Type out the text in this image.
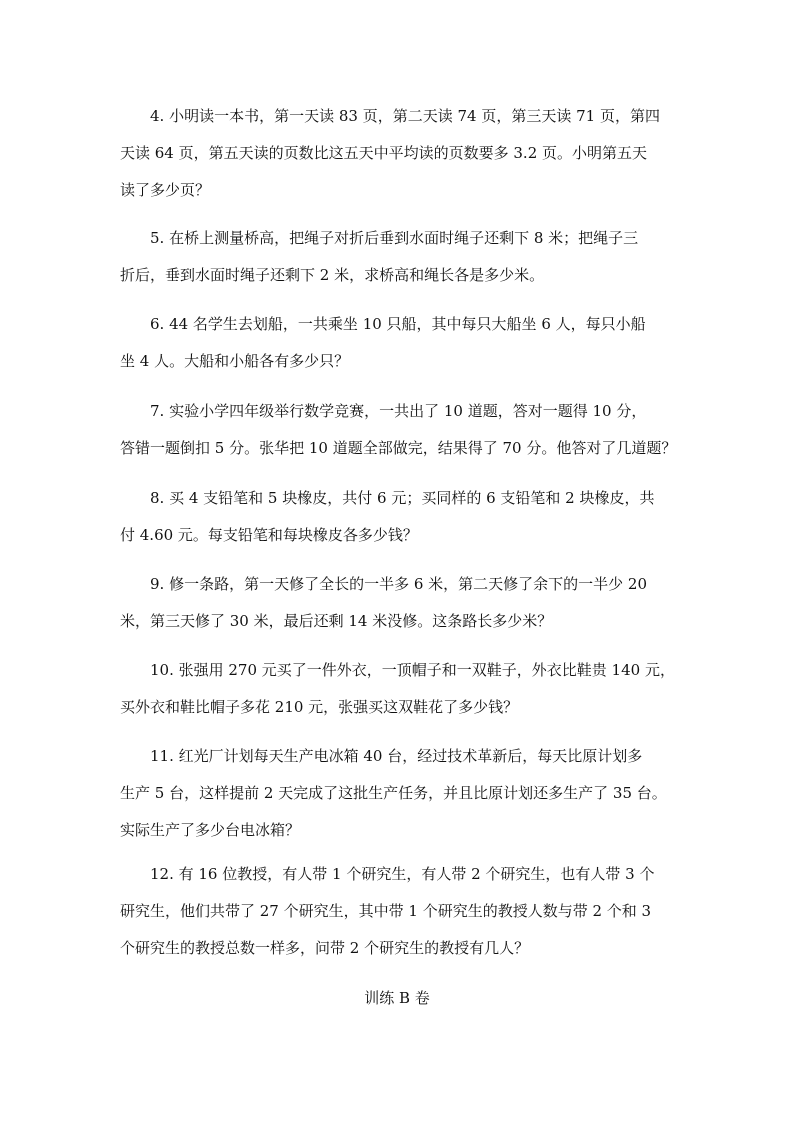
4. 小明读一本书，第一天读 83 页，第二天读 74 页，第三天读 71 页，第四
天读 64 页，第五天读的页数比这五天中平均读的页数要多 3.2 页。小明第五天
读了多少页？

5. 在桥上测量桥高，把绳子对折后垂到水面时绳子还剩下 8 米；把绳子三
折后，垂到水面时绳子还剩下 2 米，求桥高和绳长各是多少米。

6. 44 名学生去划船，一共乘坐 10 只船，其中每只大船坐 6 人，每只小船
坐 4 人。大船和小船各有多少只？

7. 实验小学四年级举行数学竞赛，一共出了 10 道题，答对一题得 10 分，
答错一题倒扣 5 分。张华把 10 道题全部做完，结果得了 70 分。他答对了几道题？

8. 买 4 支铅笔和 5 块橡皮，共付 6 元；买同样的 6 支铅笔和 2 块橡皮，共
付 4.60 元。每支铅笔和每块橡皮各多少钱？

9. 修一条路，第一天修了全长的一半多 6 米，第二天修了余下的一半少 20
米，第三天修了 30 米，最后还剩 14 米没修。这条路长多少米？

10. 张强用 270 元买了一件外衣，一顶帽子和一双鞋子，外衣比鞋贵 140 元，
买外衣和鞋比帽子多花 210 元，张强买这双鞋花了多少钱？

11. 红光厂计划每天生产电冰箱 40 台，经过技术革新后，每天比原计划多
生产 5 台，这样提前 2 天完成了这批生产任务，并且比原计划还多生产了 35 台。
实际生产了多少台电冰箱？

12. 有 16 位教授，有人带 1 个研究生，有人带 2 个研究生，也有人带 3 个
研究生，他们共带了 27 个研究生，其中带 1 个研究生的教授人数与带 2 个和 3
个研究生的教授总数一样多，问带 2 个研究生的教授有几人？

训练 B 卷
